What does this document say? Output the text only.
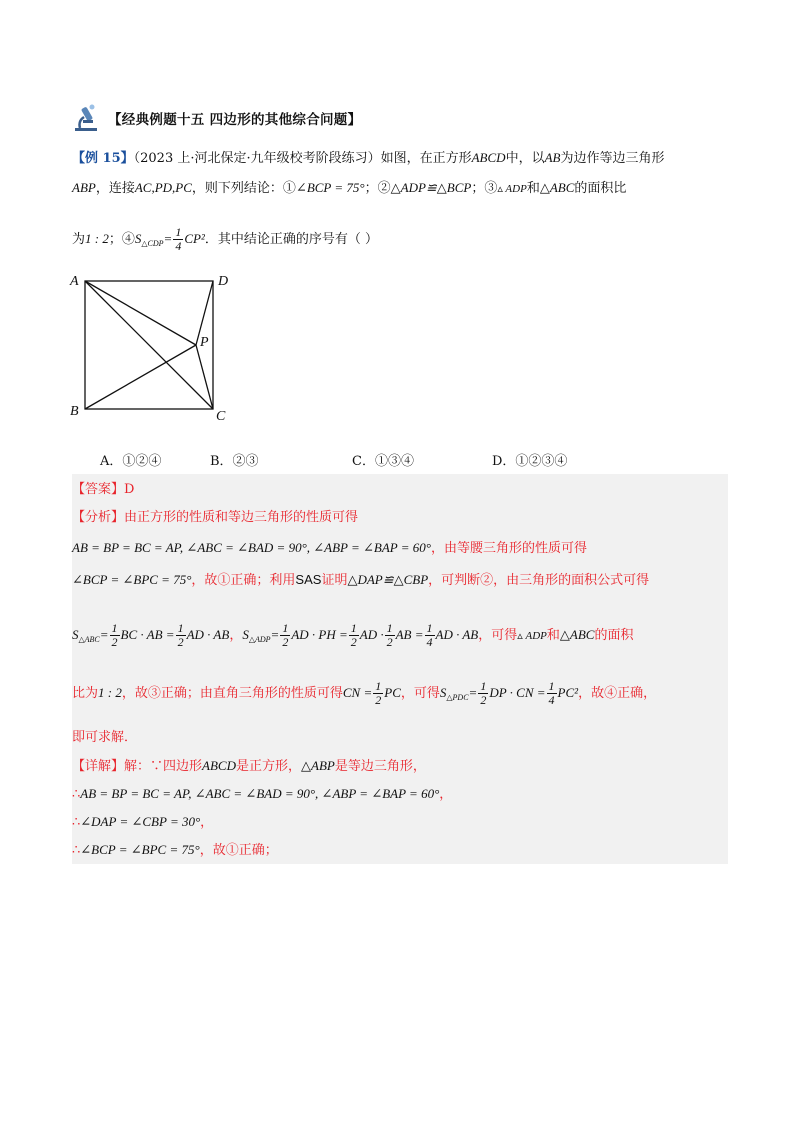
【经典例题十五 四边形的其他综合问题】
【例 15】（2023 上·河北保定·九年级校考阶段练习）如图，在正方形ABCD中，以AB为边作等边三角形
ABP，连接AC,PD,PC，则下列结论：①∠BCP = 75°；②△ADP≌△BCP；③▵ ADP和△ABC的面积比
为1 : 2；$④S_{\triangle CDP}= \frac{1}{4} CP^2$．其中结论正确的序号有（ ）
A
B	C
D
P
A．①②④	B．②③	C．①③④	D．①②③④
【答案】D
【分析】由正方形的性质和等边三角形的性质可得
AB = BP = BC = AP, ∠ABC = ∠BAD = 90°, ∠ABP = ∠BAP = 60°，由等腰三角形的性质可得
∠BCP = ∠BPC = 75°，故①正确；利用SAS证明△DAP≌△CBP，可判断②，由三角形的面积公式可得
$S_{\triangle ABC}= \frac{1}{2}$ BC · AB = $\frac{1}{2}$ AD · AB，$S_{\triangle ADP}= \frac{1}{2}$ AD · PH = $\frac{1}{2}$ AD · $\frac{1}{2}$ AB = $\frac{1}{4}$ AD · AB，可得▵ ADP和△ABC的面积
比为1 : 2，故③正确；由直角三角形的性质可得CN = $\frac{1}{2}$ PC，可得$S_{\triangle PDC}= \frac{1}{2}$ DP · CN = $\frac{1}{4} PC^2$，故④正确，
即可求解．
【详解】解：∵四边形ABCD是正方形，△ABP是等边三角形，
∴AB = BP = BC = AP, ∠ABC = ∠BAD = 90°, ∠ABP = ∠BAP = 60°，
∴∠DAP = ∠CBP = 30°，
∴∠BCP = ∠BPC = 75°，故①正确；
